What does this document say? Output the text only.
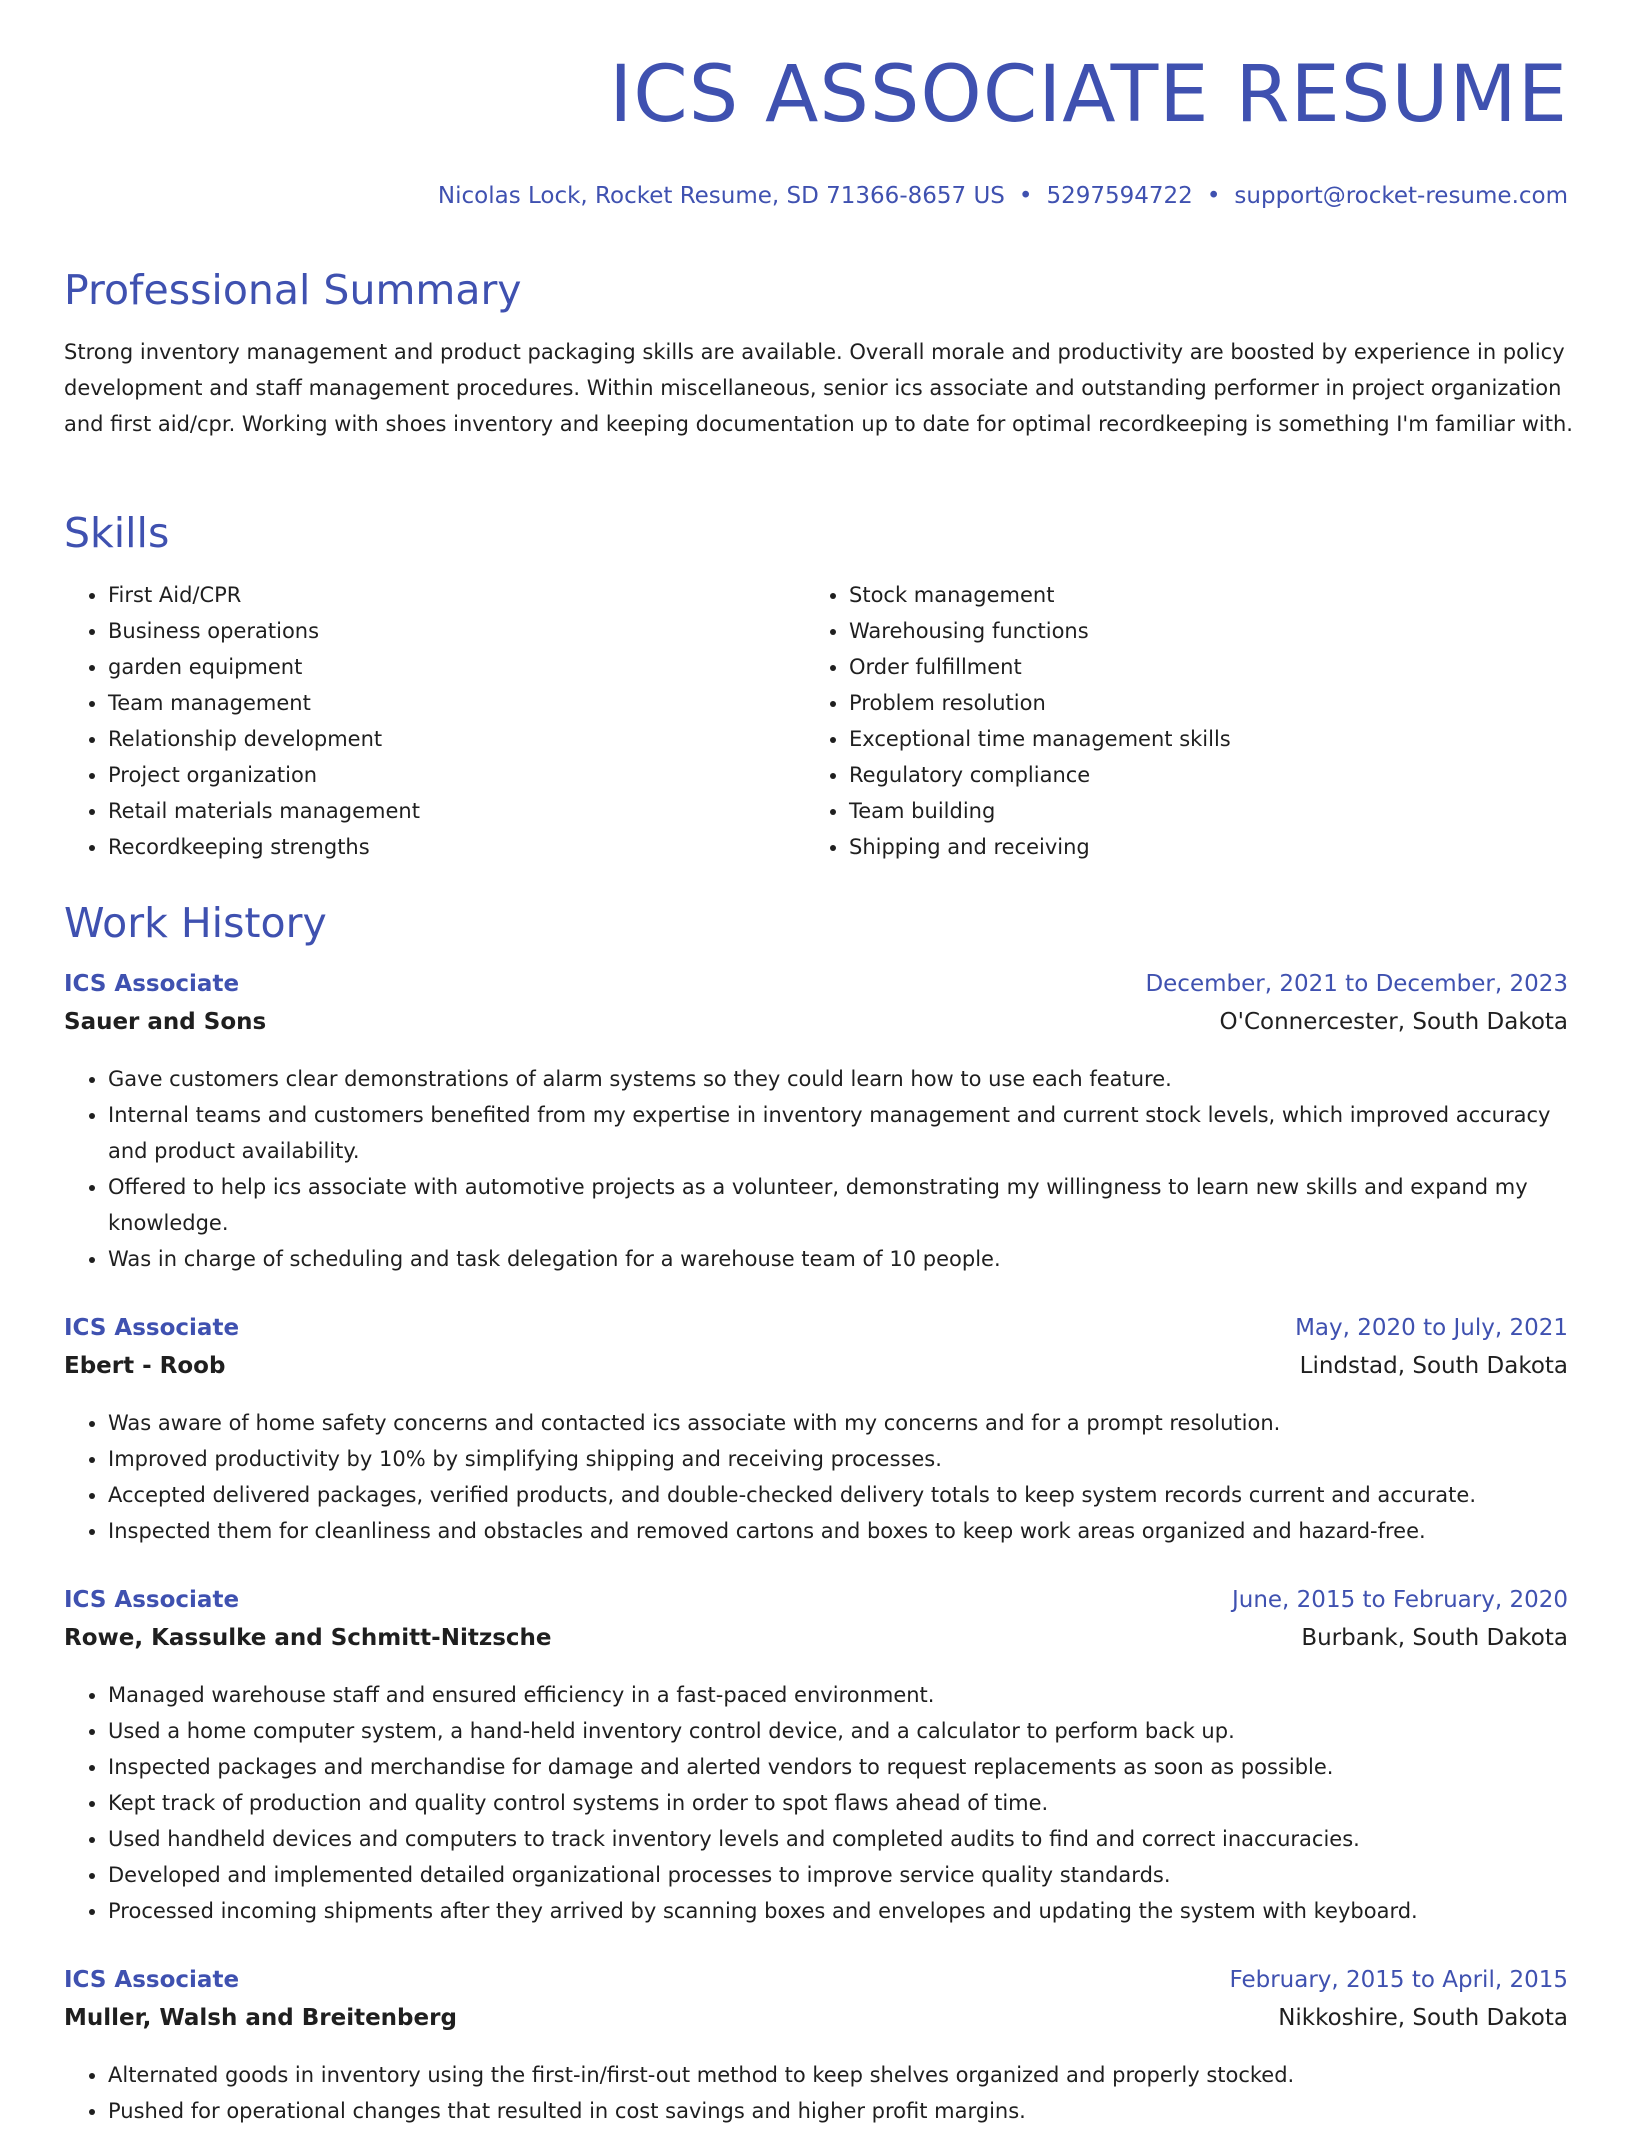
ICS ASSOCIATE RESUME
Nicolas Lock, Rocket Resume, SD 71366-8657 US • 5297594722 • support@rocket-resume.com
Professional Summary

Strong inventory management and product packaging skills are available. Overall morale and productivity are boosted by experience in policy development and staff management procedures. Within miscellaneous, senior ics associate and outstanding performer in project organization and first aid/cpr. Working with shoes inventory and keeping documentation up to date for optimal recordkeeping is something I'm familiar with.

Skills
• First Aid/CPR
• Business operations
• garden equipment
• Team management
• Relationship development
• Project organization
• Retail materials management
• Recordkeeping strengths
• Stock management
• Warehousing functions
• Order fulfillment
• Problem resolution
• Exceptional time management skills
• Regulatory compliance
• Team building
• Shipping and receiving
Work History
ICS Associate	December, 2021 to December, 2023
Sauer and Sons	O'Connercester, South Dakota
• Gave customers clear demonstrations of alarm systems so they could learn how to use each feature.
• Internal teams and customers benefited from my expertise in inventory management and current stock levels, which improved accuracy and product availability.
• Offered to help ics associate with automotive projects as a volunteer, demonstrating my willingness to learn new skills and expand my knowledge.
• Was in charge of scheduling and task delegation for a warehouse team of 10 people.
ICS Associate	May, 2020 to July, 2021
Ebert - Roob	Lindstad, South Dakota
• Was aware of home safety concerns and contacted ics associate with my concerns and for a prompt resolution.
• Improved productivity by 10% by simplifying shipping and receiving processes.
• Accepted delivered packages, verified products, and double-checked delivery totals to keep system records current and accurate.
• Inspected them for cleanliness and obstacles and removed cartons and boxes to keep work areas organized and hazard-free.
ICS Associate	June, 2015 to February, 2020
Rowe, Kassulke and Schmitt-Nitzsche	Burbank, South Dakota
• Managed warehouse staff and ensured efficiency in a fast-paced environment.
• Used a home computer system, a hand-held inventory control device, and a calculator to perform back up.
• Inspected packages and merchandise for damage and alerted vendors to request replacements as soon as possible.
• Kept track of production and quality control systems in order to spot flaws ahead of time.
• Used handheld devices and computers to track inventory levels and completed audits to find and correct inaccuracies.
• Developed and implemented detailed organizational processes to improve service quality standards.
• Processed incoming shipments after they arrived by scanning boxes and envelopes and updating the system with keyboard.
ICS Associate	February, 2015 to April, 2015
Muller, Walsh and Breitenberg	Nikkoshire, South Dakota
• Alternated goods in inventory using the first-in/first-out method to keep shelves organized and properly stocked.
• Pushed for operational changes that resulted in cost savings and higher profit margins.
